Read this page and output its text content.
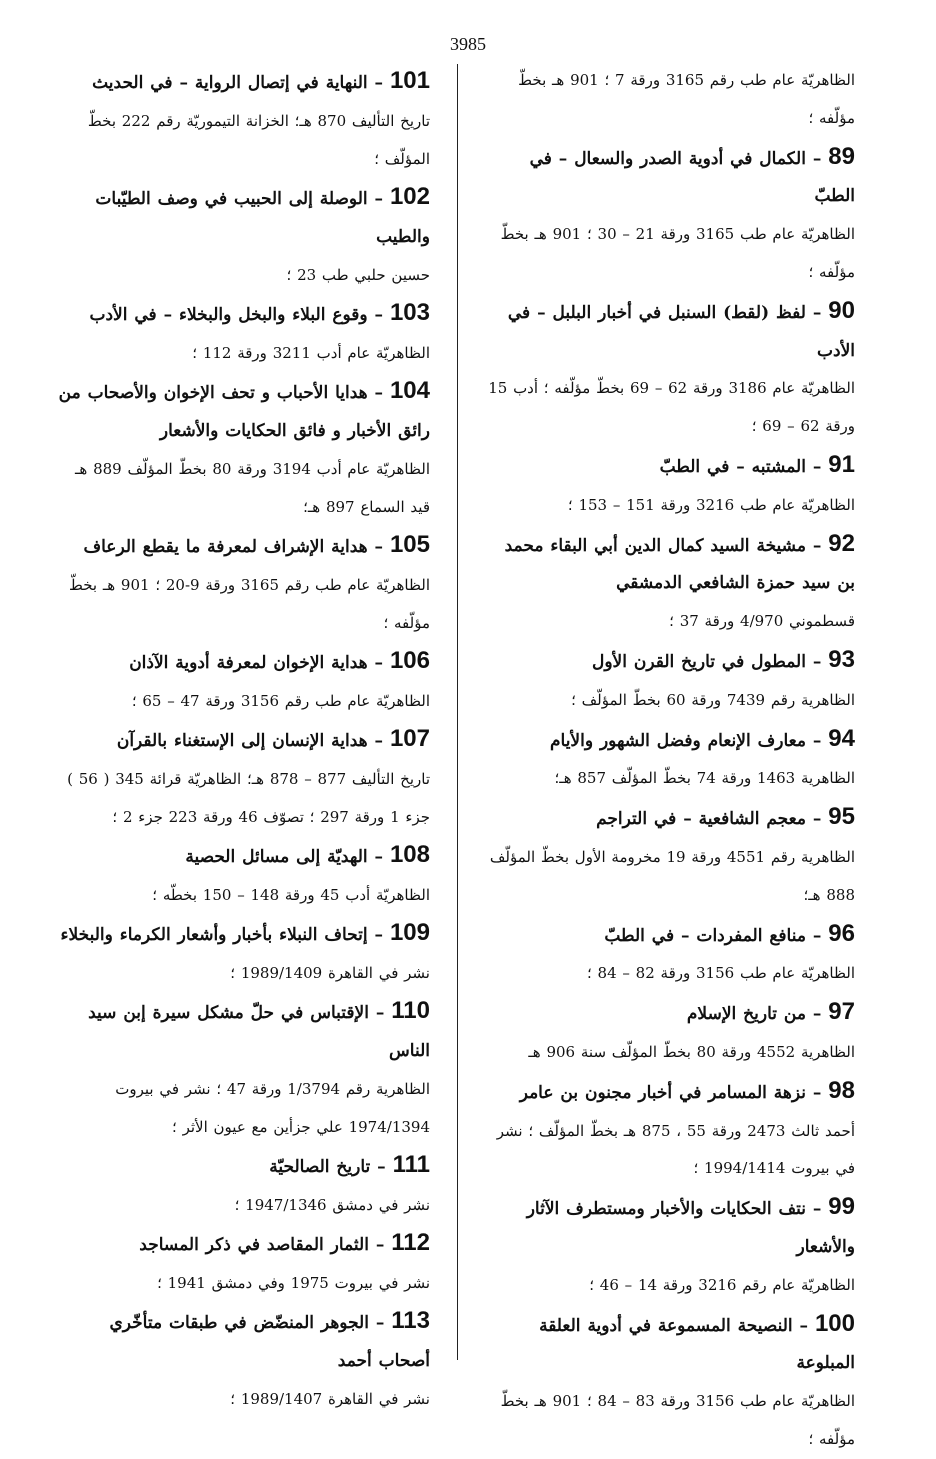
3985

الظاهريّة عام طب رقم 3165 ورقة 7 ؛ 901 هـ بخطّ مؤلّفه ؛

89 – الكمال في أدوية الصدر والسعال – في الطبّ

الظاهريّة عام طب 3165 ورقة 21 – 30 ؛ 901 هـ بخطّ مؤلّفه ؛

90 – لفظ (لقط) السنبل في أخبار البلبل – في الأدب

الظاهريّة عام 3186 ورقة 62 – 69 بخطّ مؤلّفه ؛ أدب 15 ورقة 62 – 69 ؛

91 – المشتبه – في الطبّ

الظاهريّة عام طب 3216 ورقة 151 – 153 ؛

92 – مشيخة السيد كمال الدين أبي البقاء محمد بن سيد حمزة الشافعي الدمشقي

قسطموني 4/970 ورقة 37 ؛

93 – المطول في تاريخ القرن الأول

الظاهرية رقم 7439 ورقة 60 بخطّ المؤلّف ؛

94 – معارف الإنعام وفضل الشهور والأيام

الظاهرية 1463 ورقة 74 بخطّ المؤلّف 857 هـ؛

95 – معجم الشافعية – في التراجم

الظاهرية رقم 4551 ورقة 19 مخرومة الأول بخطّ المؤلّف 888 هـ؛

96 – منافع المفردات – في الطبّ

الظاهريّة عام طب 3156 ورقة 82 – 84 ؛

97 – من تاريخ الإسلام

الظاهرية 4552 ورقة 80 بخطّ المؤلّف سنة 906 هـ

98 – نزهة المسامر في أخبار مجنون بن عامر

أحمد ثالث 2473 ورقة 55 ، 875 هـ بخطّ المؤلّف ؛ نشر في بيروت 1994/1414 ؛

99 – نتف الحكايات والأخبار ومستطرف الآثار والأشعار

الظاهريّة عام رقم 3216 ورقة 14 – 46 ؛

100 – النصيحة المسموعة في أدوية العلقة المبلوعة

الظاهريّة عام طب 3156 ورقة 83 – 84 ؛ 901 هـ بخطّ مؤلّفه ؛

101 – النهاية في إتصال الرواية – في الحديث

تاريخ التأليف 870 هـ؛ الخزانة التيموريّة رقم 222 بخطّ المؤلّف ؛

102 – الوصلة إلى الحبيب في وصف الطيّبات والطيب

حسين حلبي طب 23 ؛

103 – وقوع البلاء والبخل والبخلاء – في الأدب

الظاهريّة عام أدب 3211 ورقة 112 ؛

104 – هدايا الأحباب و تحف الإخوان والأصحاب من رائق الأخبار و فائق الحكايات والأشعار

الظاهريّة عام أدب 3194 ورقة 80 بخطّ المؤلّف 889 هـ قيد السماع 897 هـ؛

105 – هداية الإشراف لمعرفة ما يقطع الرعاف

الظاهريّة عام طب رقم 3165 ورقة 9-20 ؛ 901 هـ بخطّ مؤلّفه ؛

106 – هداية الإخوان لمعرفة أدوية الآذان

الظاهريّة عام طب رقم 3156 ورقة 47 – 65 ؛

107 – هداية الإنسان إلى الإستغناء بالقرآن

تاريخ التأليف 877 – 878 هـ؛ الظاهريّة قرائة 345 ( 56 ) جزء 1 ورقة 297 ؛ تصوّف 46 ورقة 223 جزء 2 ؛

108 – الهديّة إلى مسائل الحصية

الظاهريّة أدب 45 ورقة 148 – 150 بخطّه ؛

109 – إتحاف النبلاء بأخبار وأشعار الكرماء والبخلاء

نشر في القاهرة 1989/1409 ؛

110 – الإقتباس في حلّ مشكل سيرة إبن سيد الناس

الظاهرية رقم 1/3794 ورقة 47 ؛ نشر في بيروت 1974/1394 علي جزأين مع عيون الأثر ؛

111 – تاريخ الصالحيّة

نشر في دمشق 1947/1346 ؛

112 – الثمار المقاصد في ذكر المساجد

نشر في بيروت 1975 وفي دمشق 1941 ؛

113 – الجوهر المنضّض في طبقات متأخّري أصحاب أحمد

نشر في القاهرة 1989/1407 ؛
